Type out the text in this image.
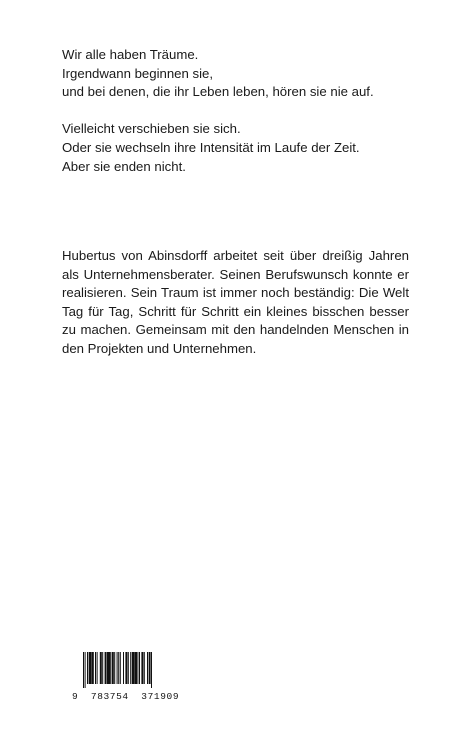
Wir alle haben Träume.
Irgendwann beginnen sie,
und bei denen, die ihr Leben leben, hören sie nie auf.

Vielleicht verschieben sie sich.
Oder sie wechseln ihre Intensität im Laufe der Zeit.
Aber sie enden nicht.

Hubertus von Abinsdorff arbeitet seit über dreißig Jahren als Unternehmensberater. Seinen Berufswunsch konnte er realisieren. Sein Traum ist immer noch beständig: Die Welt Tag für Tag, Schritt für Schritt ein kleines bisschen besser zu machen. Gemeinsam mit den handelnden Menschen in den Projekten und Unternehmen.

9  783754  371909
